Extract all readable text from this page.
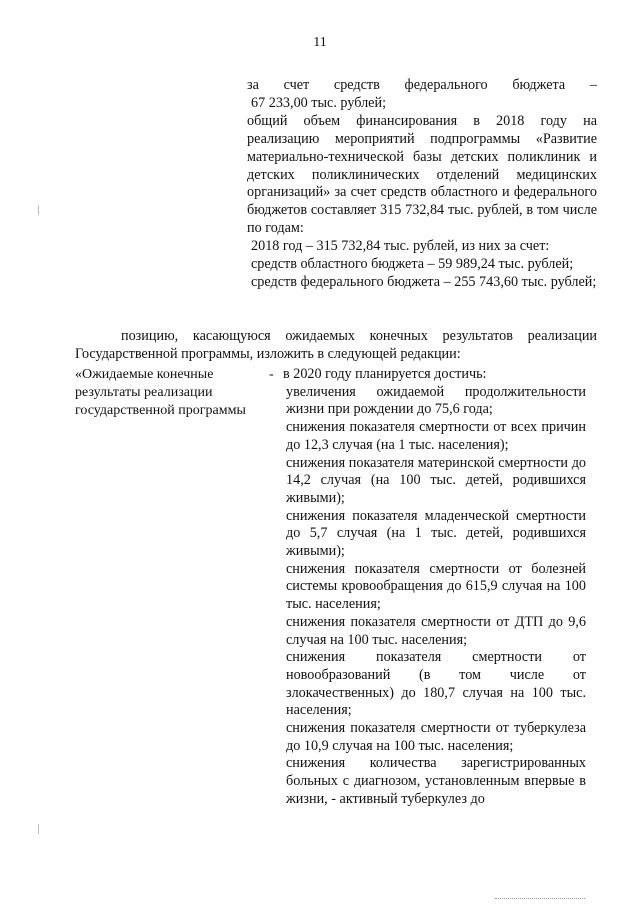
11

за счет средств федерального бюджета –

67 233,00 тыс. рублей;

общий объем финансирования в 2018 году на реализацию мероприятий подпрограммы «Развитие материально-технической базы детских поликлиник и детских поликлинических отделений медицинских организаций» за счет средств областного и федерального бюджетов составляет 315 732,84 тыс. рублей, в том числе по годам:

2018 год – 315 732,84 тыс. рублей, из них за счет:

средств областного бюджета – 59 989,24 тыс. рублей;

средств федерального бюджета – 255 743,60 тыс. рублей;

позицию, касающуюся ожидаемых конечных результатов реализации Государственной программы, изложить в следующей редакции:

«Ожидаемые конечные

результаты реализации

государственной программы

- в 2020 году планируется достичь:

увеличения ожидаемой продолжительности жизни при рождении до 75,6 года;

снижения показателя смертности от всех причин до 12,3 случая (на 1 тыс. населения);

снижения показателя материнской смертности до 14,2 случая (на 100 тыс. детей, родившихся живыми);

снижения показателя младенческой смертности до 5,7 случая (на 1 тыс. детей, родившихся живыми);

снижения показателя смертности от болезней системы кровообращения до 615,9 случая на 100 тыс. населения;

снижения показателя смертности от ДТП до 9,6 случая на 100 тыс. населения;

снижения показателя смертности от новообразований (в том числе от злокачественных) до 180,7 случая на 100 тыс. населения;

снижения показателя смертности от туберкулеза до 10,9 случая на 100 тыс. населения;

снижения количества зарегистрированных больных с диагнозом, установленным впервые в жизни, - активный туберкулез до
